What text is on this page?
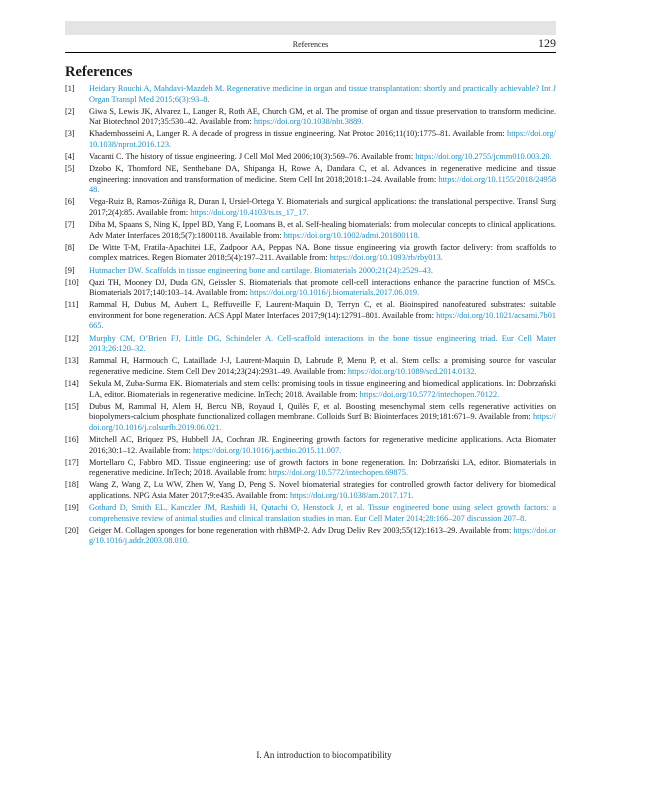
References	129
References
[1] Heidary Rouchi A, Mahdavi-Mazdeh M. Regenerative medicine in organ and tissue transplantation: shortly and practically achievable? Int J Organ Transpl Med 2015;6(3):93–8.
[2] Giwa S, Lewis JK, Alvarez L, Langer R, Roth AE, Church GM, et al. The promise of organ and tissue preservation to transform medicine. Nat Biotechnol 2017;35:530–42. Available from: https://doi.org/10.1038/nbt.3889.
[3] Khademhosseini A, Langer R. A decade of progress in tissue engineering. Nat Protoc 2016;11(10):1775–81. Available from: https://doi.org/10.1038/nprot.2016.123.
[4] Vacanti C. The history of tissue engineering. J Cell Mol Med 2006;10(3):569–76. Available from: https://doi.org/10.2755/jcmm010.003.20.
[5] Dzobo K, Thomford NE, Senthebane DA, Shipanga H, Rowe A, Dandara C, et al. Advances in regenerative medicine and tissue engineering: innovation and transformation of medicine. Stem Cell Int 2018;2018:1–24. Available from: https://doi.org/10.1155/2018/2495848.
[6] Vega-Ruiz B, Ramos-Zúñiga R, Duran I, Ursiel-Ortega Y. Biomaterials and surgical applications: the translational perspective. Transl Surg 2017;2(4):85. Available from: https://doi.org/10.4103/ts.ts_17_17.
[7] Diba M, Spaans S, Ning K, Ippel BD, Yang F, Loomans B, et al. Self-healing biomaterials: from molecular concepts to clinical applications. Adv Mater Interfaces 2018;5(7):1800118. Available from: https://doi.org/10.1002/admi.201800118.
[8] De Witte T-M, Fratila-Apachitei LE, Zadpoor AA, Peppas NA. Bone tissue engineering via growth factor delivery: from scaffolds to complex matrices. Regen Biomater 2018;5(4):197–211. Available from: https://doi.org/10.1093/rb/rby013.
[9] Hutmacher DW. Scaffolds in tissue engineering bone and cartilage. Biomaterials 2000;21(24):2529–43.
[10] Qazi TH, Mooney DJ, Duda GN, Geissler S. Biomaterials that promote cell-cell interactions enhance the paracrine function of MSCs. Biomaterials 2017;140:103–14. Available from: https://doi.org/10.1016/j.biomaterials.2017.06.019.
[11] Rammal H, Dubus M, Aubert L, Reffuveille F, Laurent-Maquin D, Terryn C, et al. Bioinspired nanofeatured substrates: suitable environment for bone regeneration. ACS Appl Mater Interfaces 2017;9(14):12791–801. Available from: https://doi.org/10.1021/acsami.7b01665.
[12] Murphy CM, O’Brien FJ, Little DG, Schindeler A. Cell-scaffold interactions in the bone tissue engineering triad. Eur Cell Mater 2013;26:120–32.
[13] Rammal H, Harmouch C, Lataillade J-J, Laurent-Maquin D, Labrude P, Menu P, et al. Stem cells: a promising source for vascular regenerative medicine. Stem Cell Dev 2014;23(24):2931–49. Available from: https://doi.org/10.1089/scd.2014.0132.
[14] Sekula M, Zuba-Surma EK. Biomaterials and stem cells: promising tools in tissue engineering and biomedical applications. In: Dobrzański LA, editor. Biomaterials in regenerative medicine. InTech; 2018. Available from: https://doi.org/10.5772/intechopen.70122.
[15] Dubus M, Rammal H, Alem H, Bercu NB, Royaud I, Quilès F, et al. Boosting mesenchymal stem cells regenerative activities on biopolymers-calcium phosphate functionalized collagen membrane. Colloids Surf B: Biointerfaces 2019;181:671–9. Available from: https://doi.org/10.1016/j.colsurfb.2019.06.021.
[16] Mitchell AC, Briquez PS, Hubbell JA, Cochran JR. Engineering growth factors for regenerative medicine applications. Acta Biomater 2016;30:1–12. Available from: https://doi.org/10.1016/j.actbio.2015.11.007.
[17] Mortellaro C, Fabbro MD. Tissue engineering: use of growth factors in bone regeneration. In: Dobrzański LA, editor. Biomaterials in regenerative medicine. InTech; 2018. Available from: https://doi.org/10.5772/intechopen.69875.
[18] Wang Z, Wang Z, Lu WW, Zhen W, Yang D, Peng S. Novel biomaterial strategies for controlled growth factor delivery for biomedical applications. NPG Asia Mater 2017;9:e435. Available from: https://doi.org/10.1038/am.2017.171.
[19] Gothard D, Smith EL, Kanczler JM, Rashidi H, Qutachi O, Henstock J, et al. Tissue engineered bone using select growth factors: a comprehensive review of animal studies and clinical translation studies in man. Eur Cell Mater 2014;28:166–207 discussion 207–8.
[20] Geiger M. Collagen sponges for bone regeneration with rhBMP-2. Adv Drug Deliv Rev 2003;55(12):1613–29. Available from: https://doi.org/10.1016/j.addr.2003.08.010.
I. An introduction to biocompatibility
